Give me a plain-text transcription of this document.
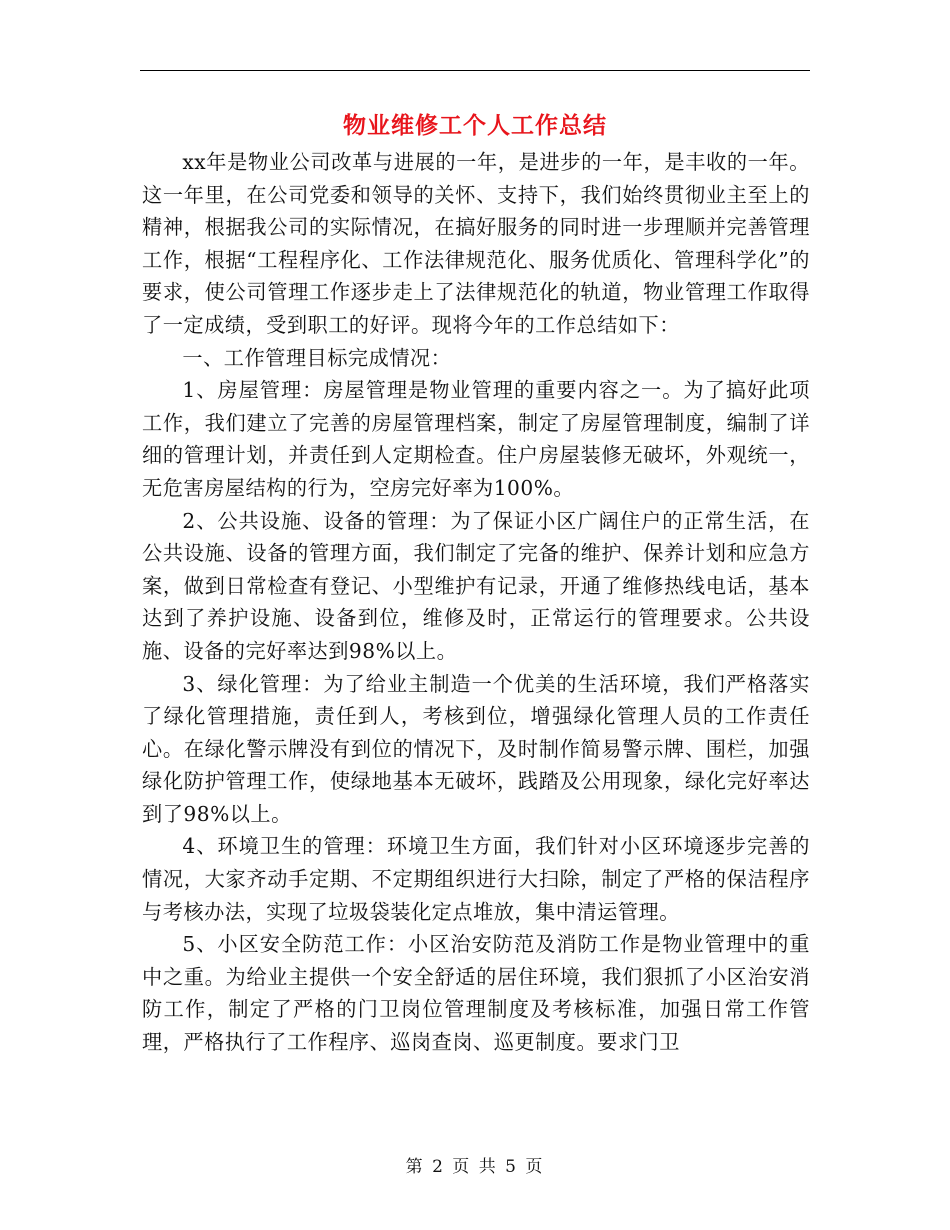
物业维修工个人工作总结

xx年是物业公司改革与进展的一年，是进步的一年，是丰收的一年。这一年里，在公司党委和领导的关怀、支持下，我们始终贯彻业主至上的精神，根据我公司的实际情况，在搞好服务的同时进一步理顺并完善管理工作，根据“工程程序化、工作法律规范化、服务优质化、管理科学化”的要求，使公司管理工作逐步走上了法律规范化的轨道，物业管理工作取得了一定成绩，受到职工的好评。现将今年的工作总结如下：

一、工作管理目标完成情况：

1、房屋管理：房屋管理是物业管理的重要内容之一。为了搞好此项工作，我们建立了完善的房屋管理档案，制定了房屋管理制度，编制了详细的管理计划，并责任到人定期检查。住户房屋装修无破坏，外观统一，无危害房屋结构的行为，空房完好率为100%。

2、公共设施、设备的管理：为了保证小区广阔住户的正常生活，在公共设施、设备的管理方面，我们制定了完备的维护、保养计划和应急方案，做到日常检查有登记、小型维护有记录，开通了维修热线电话，基本达到了养护设施、设备到位，维修及时，正常运行的管理要求。公共设施、设备的完好率达到98%以上。

3、绿化管理：为了给业主制造一个优美的生活环境，我们严格落实了绿化管理措施，责任到人，考核到位，增强绿化管理人员的工作责任心。在绿化警示牌没有到位的情况下，及时制作简易警示牌、围栏，加强绿化防护管理工作，使绿地基本无破坏，践踏及公用现象，绿化完好率达到了98%以上。

4、环境卫生的管理：环境卫生方面，我们针对小区环境逐步完善的情况，大家齐动手定期、不定期组织进行大扫除，制定了严格的保洁程序与考核办法，实现了垃圾袋装化定点堆放，集中清运管理。

5、小区安全防范工作：小区治安防范及消防工作是物业管理中的重中之重。为给业主提供一个安全舒适的居住环境，我们狠抓了小区治安消防工作，制定了严格的门卫岗位管理制度及考核标准，加强日常工作管理，严格执行了工作程序、巡岗查岗、巡更制度。要求门卫

第 2 页 共 5 页
